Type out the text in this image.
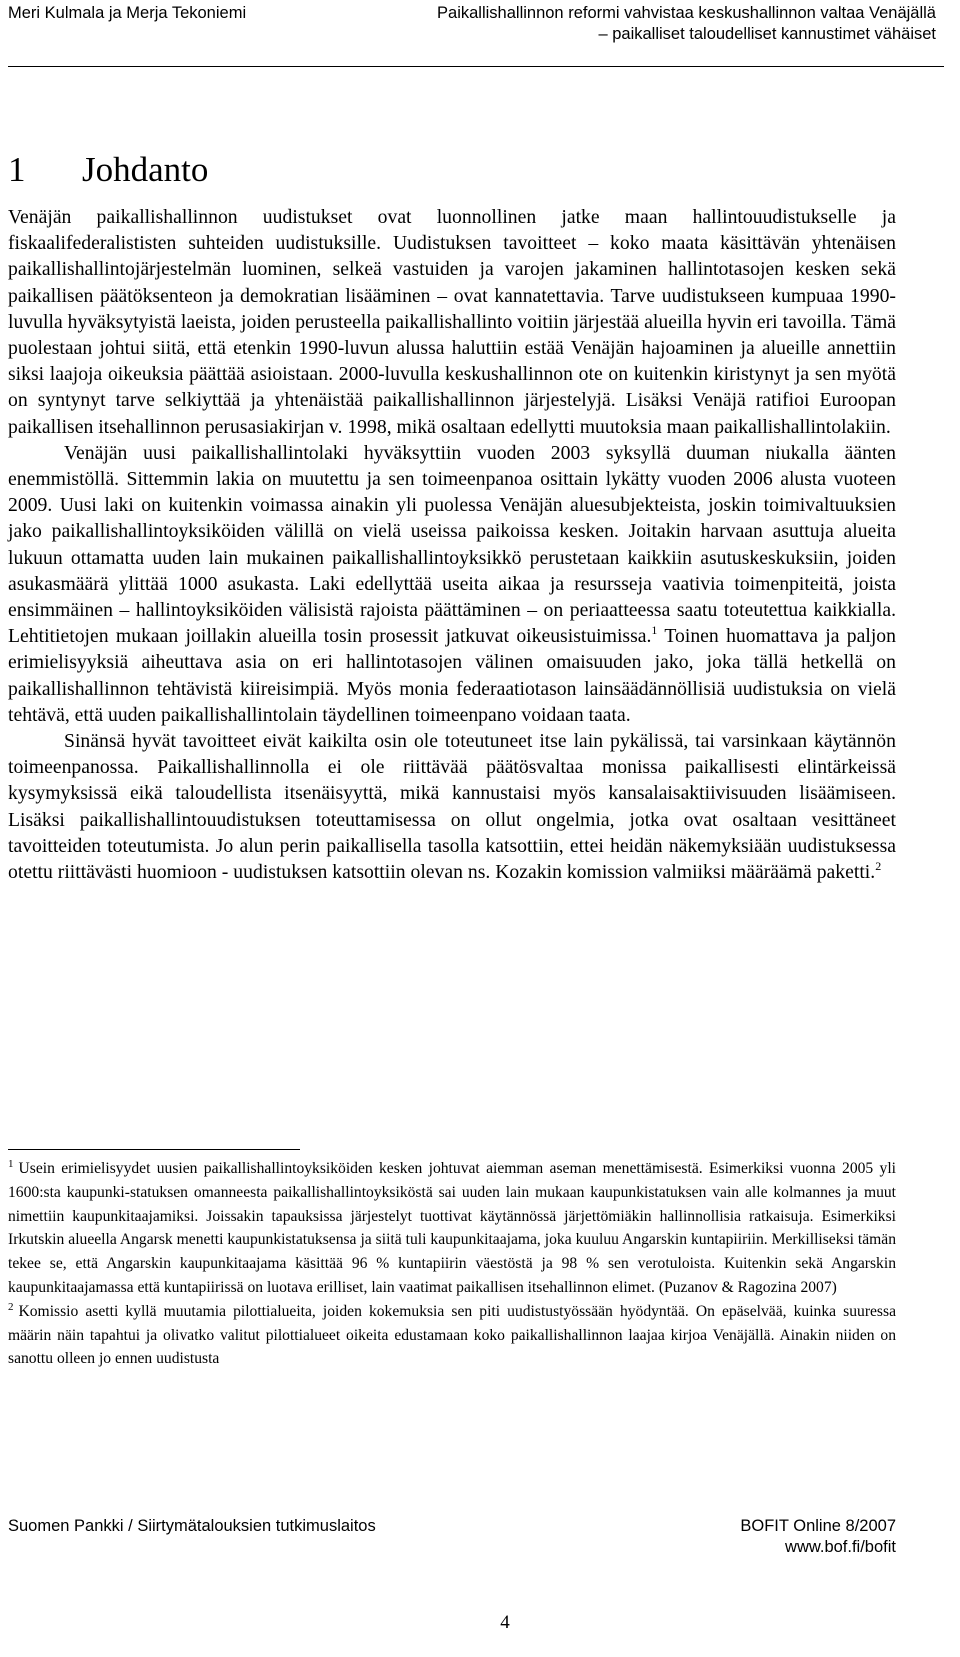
Meri Kulmala ja Merja Tekoniemi	Paikallishallinnon reformi vahvistaa keskushallinnon valtaa Venäjällä
– paikalliset taloudelliset kannustimet vähäiset
1 Johdanto

Venäjän paikallishallinnon uudistukset ovat luonnollinen jatke maan hallintouudistukselle ja fiskaalifederalististen suhteiden uudistuksille. Uudistuksen tavoitteet – koko maata käsittävän yhtenäisen paikallishallintojärjestelmän luominen, selkeä vastuiden ja varojen jakaminen hallintotasojen kesken sekä paikallisen päätöksenteon ja demokratian lisääminen – ovat kannatettavia. Tarve uudistukseen kumpuaa 1990-luvulla hyväksytyistä laeista, joiden perusteella paikallishallinto voitiin järjestää alueilla hyvin eri tavoilla. Tämä puolestaan johtui siitä, että etenkin 1990-luvun alussa haluttiin estää Venäjän hajoaminen ja alueille annettiin siksi laajoja oikeuksia päättää asioistaan. 2000-luvulla keskushallinnon ote on kuitenkin kiristynyt ja sen myötä on syntynyt tarve selkiyttää ja yhtenäistää paikallishallinnon järjestelyjä. Lisäksi Venäjä ratifioi Euroopan paikallisen itsehallinnon perusasiakirjan v. 1998, mikä osaltaan edellytti muutoksia maan paikallishallintolakiin.

Venäjän uusi paikallishallintolaki hyväksyttiin vuoden 2003 syksyllä duuman niukalla äänten enemmistöllä. Sittemmin lakia on muutettu ja sen toimeenpanoa osittain lykätty vuoden 2006 alusta vuoteen 2009. Uusi laki on kuitenkin voimassa ainakin yli puolessa Venäjän aluesubjekteista, joskin toimivaltuuksien jako paikallishallintoyksiköiden välillä on vielä useissa paikoissa kesken. Joitakin harvaan asuttuja alueita lukuun ottamatta uuden lain mukainen paikallishallintoyksikkö perustetaan kaikkiin asutuskeskuksiin, joiden asukasmäärä ylittää 1000 asukasta. Laki edellyttää useita aikaa ja resursseja vaativia toimenpiteitä, joista ensimmäinen – hallintoyksiköiden välisistä rajoista päättäminen – on periaatteessa saatu toteutettua kaikkialla. Lehtitietojen mukaan joillakin alueilla tosin prosessit jatkuvat oikeusistuimissa.$^1$ Toinen huomattava ja paljon erimielisyyksiä aiheuttava asia on eri hallintotasojen välinen omaisuuden jako, joka tällä hetkellä on paikallishallinnon tehtävistä kiireisimpiä. Myös monia federaatiotason lainsäädännöllisiä uudistuksia on vielä tehtävä, että uuden paikallishallintolain täydellinen toimeenpano voidaan taata.

Sinänsä hyvät tavoitteet eivät kaikilta osin ole toteutuneet itse lain pykälissä, tai varsinkaan käytännön toimeenpanossa. Paikallishallinnolla ei ole riittävää päätösvaltaa monissa paikallisesti elintärkeissä kysymyksissä eikä taloudellista itsenäisyyttä, mikä kannustaisi myös kansalaisaktiivisuuden lisäämiseen. Lisäksi paikallishallintouudistuksen toteuttamisessa on ollut ongelmia, jotka ovat osaltaan vesittäneet tavoitteiden toteutumista. Jo alun perin paikallisella tasolla katsottiin, ettei heidän näkemyksiään uudistuksessa otettu riittävästi huomioon - uudistuksen katsottiin olevan ns. Kozakin komission valmiiksi määräämä paketti.$^2$

$^1$ Usein erimielisyydet uusien paikallishallintoyksiköiden kesken johtuvat aiemman aseman menettämisestä. Esimerkiksi vuonna 2005 yli 1600:sta kaupunki-statuksen omanneesta paikallishallintoyksiköstä sai uuden lain mukaan kaupunkistatuksen vain alle kolmannes ja muut nimettiin kaupunkitaajamiksi. Joissakin tapauksissa järjestelyt tuottivat käytännössä järjettömiäkin hallinnollisia ratkaisuja. Esimerkiksi Irkutskin alueella Angarsk menetti kaupunkistatuksensa ja siitä tuli kaupunkitaajama, joka kuuluu Angarskin kuntapiiriin. Merkilliseksi tämän tekee se, että Angarskin kaupunkitaajama käsittää 96 % kuntapiirin väestöstä ja 98 % sen verotuloista. Kuitenkin sekä Angarskin kaupunkitaajamassa että kuntapiirissä on luotava erilliset, lain vaatimat paikallisen itsehallinnon elimet. (Puzanov & Ragozina 2007)

$^2$ Komissio asetti kyllä muutamia pilottialueita, joiden kokemuksia sen piti uudistustyössään hyödyntää. On epäselvää, kuinka suuressa määrin näin tapahtui ja olivatko valitut pilottialueet oikeita edustamaan koko paikallishallinnon laajaa kirjoa Venäjällä. Ainakin niiden on sanottu olleen jo ennen uudistusta

Suomen Pankki / Siirtymätalouksien tutkimuslaitos	BOFIT Online 8/2007
www.bof.fi/bofit
4
